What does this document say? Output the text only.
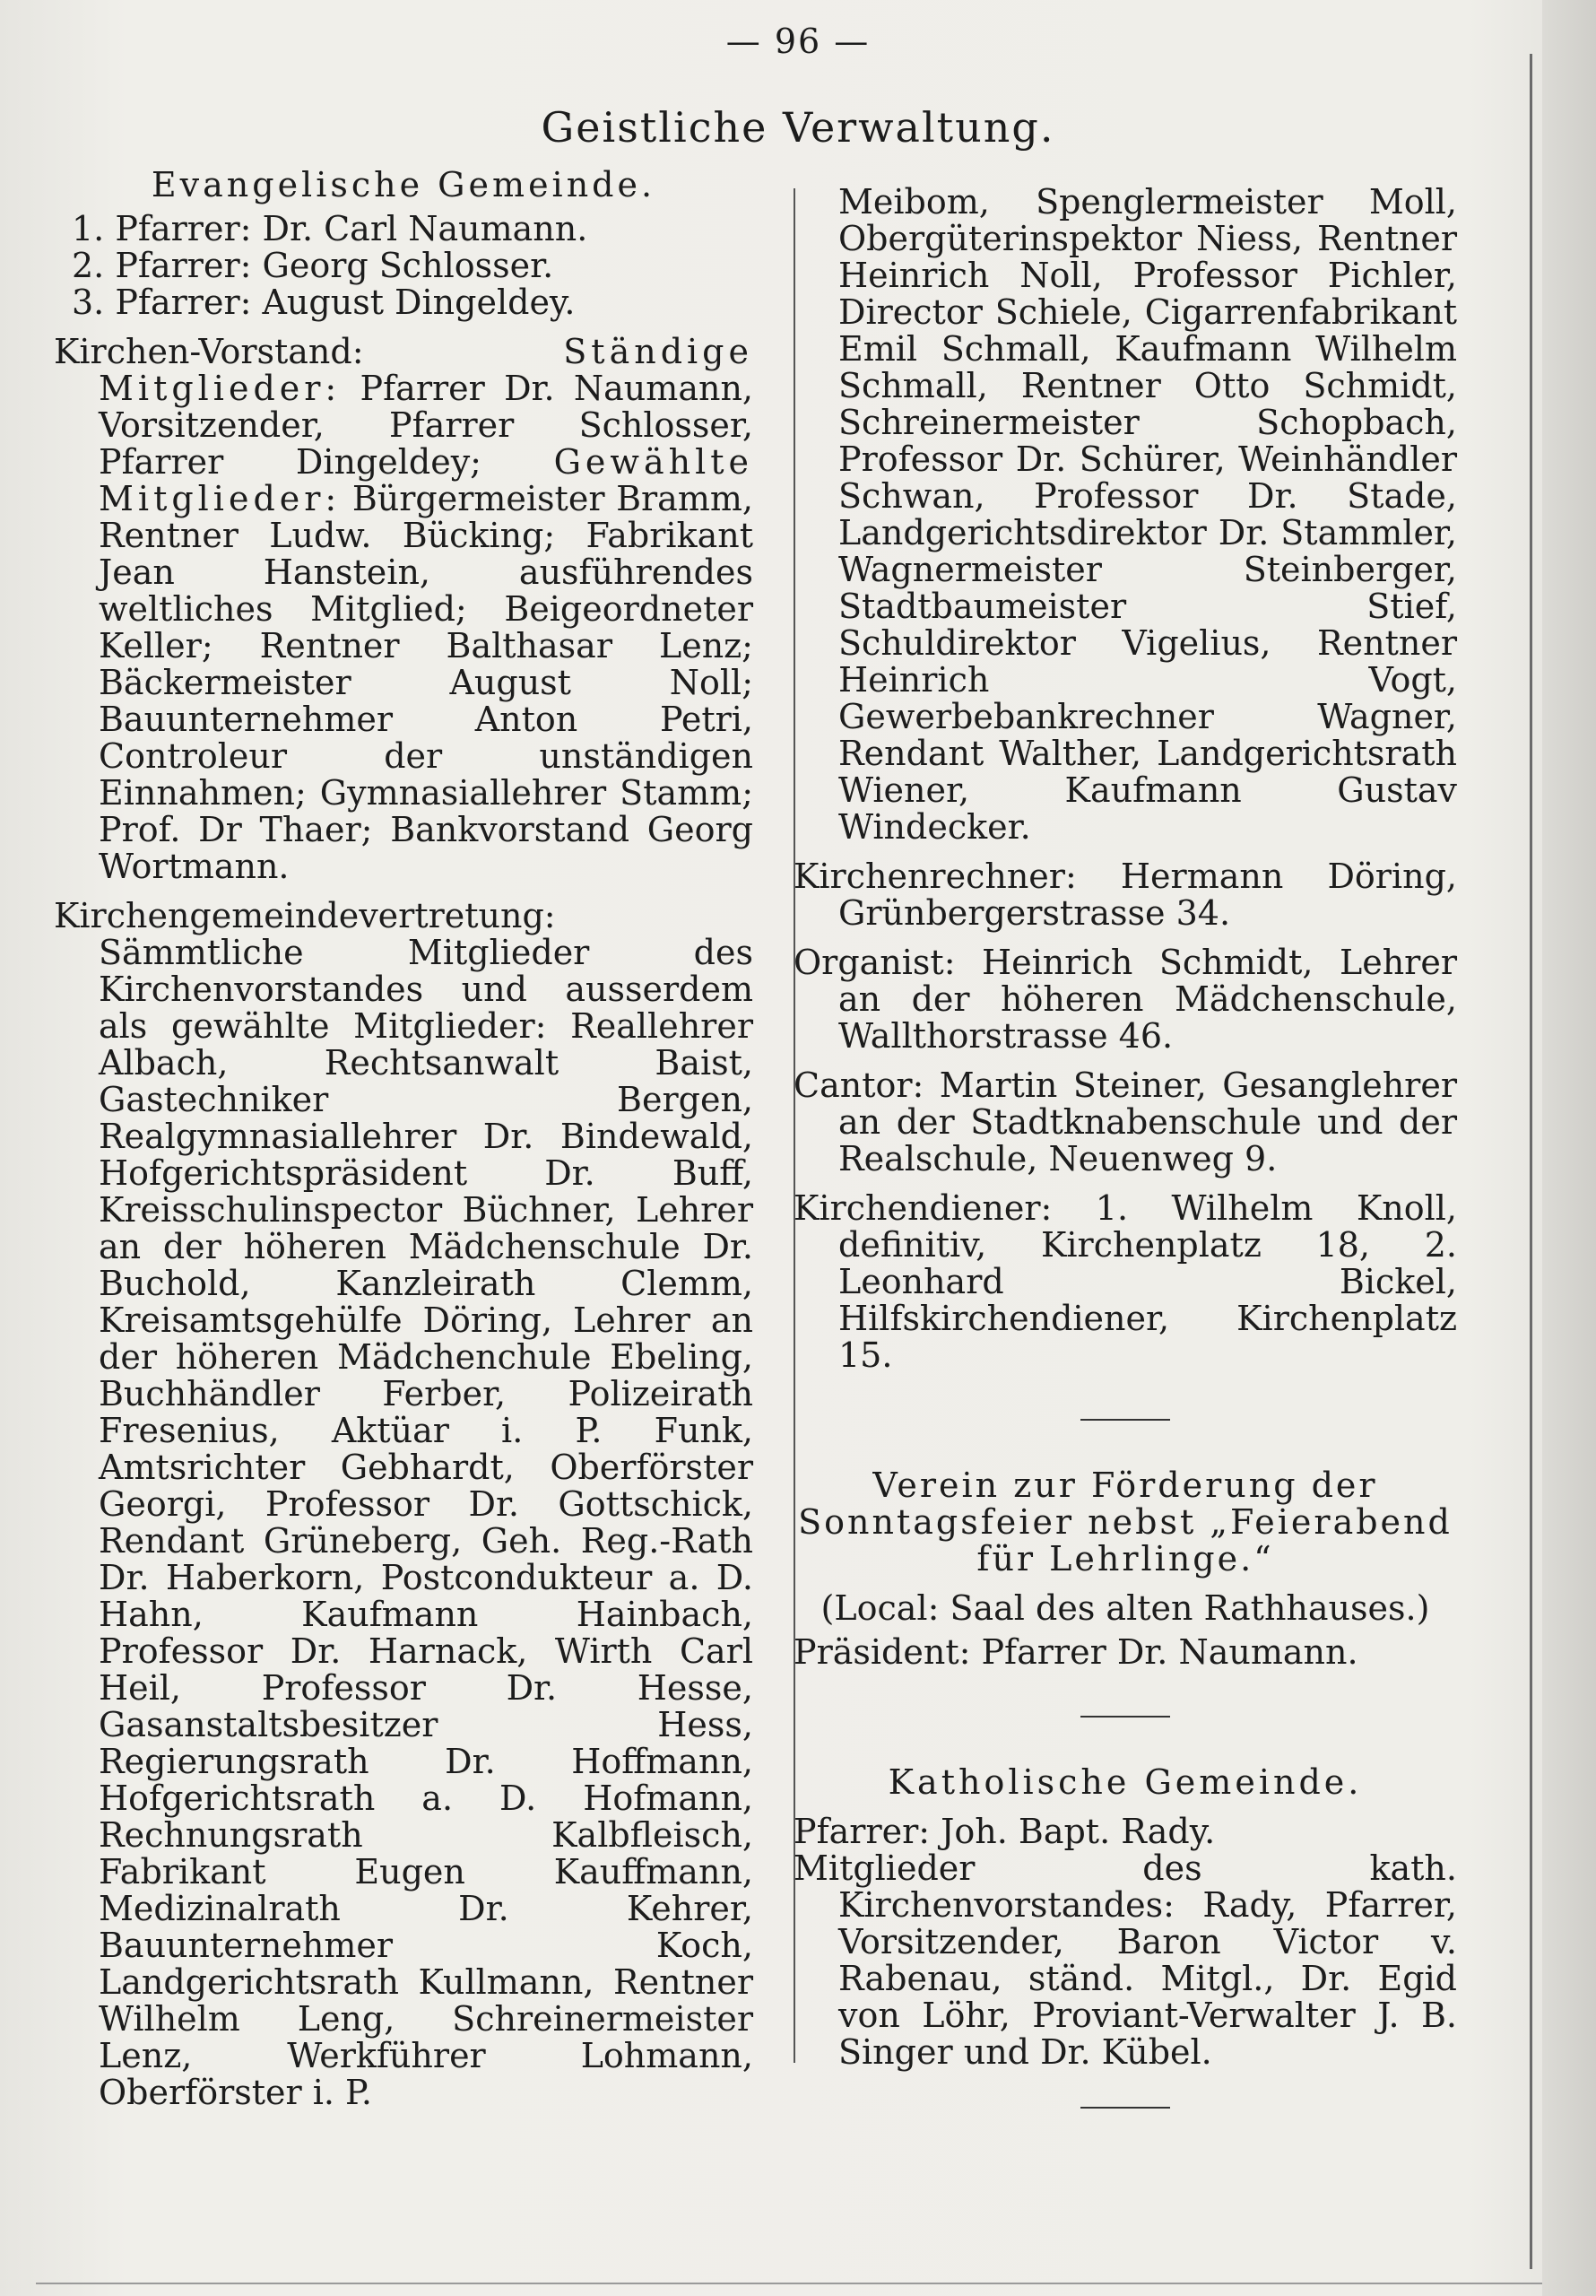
— 96 —
Geistliche Verwaltung.
Evangelische Gemeinde.
1. Pfarrer: Dr. Carl Naumann.
2. Pfarrer: Georg Schlosser.
3. Pfarrer: August Dingeldey.

Kirchen-Vorstand:	Ständige Mitglieder: Pfarrer Dr. Naumann, Vorsitzender, Pfarrer Schlosser, Pfarrer Dingeldey; Gewählte Mitglieder: Bürgermeister Bramm, Rentner Ludw. Bücking; Fabrikant Jean Hanstein, ausführendes weltliches Mitglied; Beigeordneter Keller; Rentner Balthasar Lenz; Bäckermeister August Noll; Bauunternehmer Anton Petri, Controleur der unständigen Einnahmen; Gymnasiallehrer Stamm; Prof. Dr Thaer; Bankvorstand Georg Wortmann.

Kirchengemeindevertretung: Sämmtliche Mitglieder des Kirchenvorstandes und ausserdem als gewählte Mitglieder: Reallehrer Albach, Rechtsanwalt Baist, Gastechniker Bergen, Realgymnasiallehrer Dr. Bindewald, Hofgerichtspräsident Dr. Buff, Kreisschulinspector Büchner, Lehrer an der höheren Mädchenschule Dr. Buchold, Kanzleirath Clemm, Kreisamtsgehülfe Döring, Lehrer an der höheren Mädchenchule Ebeling, Buchhändler Ferber, Polizeirath Fresenius, Aktüar i. P. Funk, Amtsrichter Gebhardt, Oberförster Georgi, Professor Dr. Gottschick, Rendant Grüneberg, Geh. Reg.-Rath Dr. Haberkorn, Postcondukteur a. D. Hahn, Kaufmann Hainbach, Professor Dr. Harnack, Wirth Carl Heil, Professor Dr. Hesse, Gasanstaltsbesitzer Hess, Regierungsrath Dr. Hoffmann, Hofgerichtsrath a. D. Hofmann, Rechnungsrath Kalbfleisch, Fabrikant Eugen Kauffmann, Medizinalrath Dr. Kehrer, Bauunternehmer Koch, Landgerichtsrath Kullmann, Rentner Wilhelm Leng, Schreinermeister Lenz, Werkführer Lohmann, Oberförster i. P.

Meibom, Spenglermeister Moll, Obergüterinspektor Niess, Rentner Heinrich Noll, Professor Pichler, Director Schiele, Cigarrenfabrikant Emil Schmall, Kaufmann Wilhelm Schmall, Rentner Otto Schmidt, Schreinermeister Schopbach, Professor Dr. Schürer, Weinhändler Schwan, Professor Dr. Stade, Landgerichtsdirektor Dr. Stammler, Wagnermeister Steinberger, Stadtbaumeister Stief, Schuldirektor Vigelius, Rentner Heinrich Vogt, Gewerbebankrechner Wagner, Rendant Walther, Landgerichtsrath Wiener, Kaufmann Gustav Windecker.

Kirchenrechner: Hermann Döring, Grünbergerstrasse 34.

Organist: Heinrich Schmidt, Lehrer an der höheren Mädchenschule, Wallthorstrasse 46.

Cantor: Martin Steiner, Gesanglehrer an der Stadtknabenschule und der Realschule, Neuenweg 9.

Kirchendiener: 1. Wilhelm Knoll, definitiv, Kirchenplatz 18, 2. Leonhard Bickel, Hilfskirchendiener, Kirchenplatz 15.

Verein zur Förderung der Sonntagsfeier nebst „Feierabend für Lehrlinge.“

(Local: Saal des alten Rathhauses.)

Präsident: Pfarrer Dr. Naumann.

Katholische Gemeinde.

Pfarrer: Joh. Bapt. Rady.

Mitglieder des kath. Kirchenvorstandes: Rady, Pfarrer, Vorsitzender, Baron Victor v. Rabenau, ständ. Mitgl., Dr. Egid von Löhr, Proviant-Verwalter J. B. Singer und Dr. Kübel.
